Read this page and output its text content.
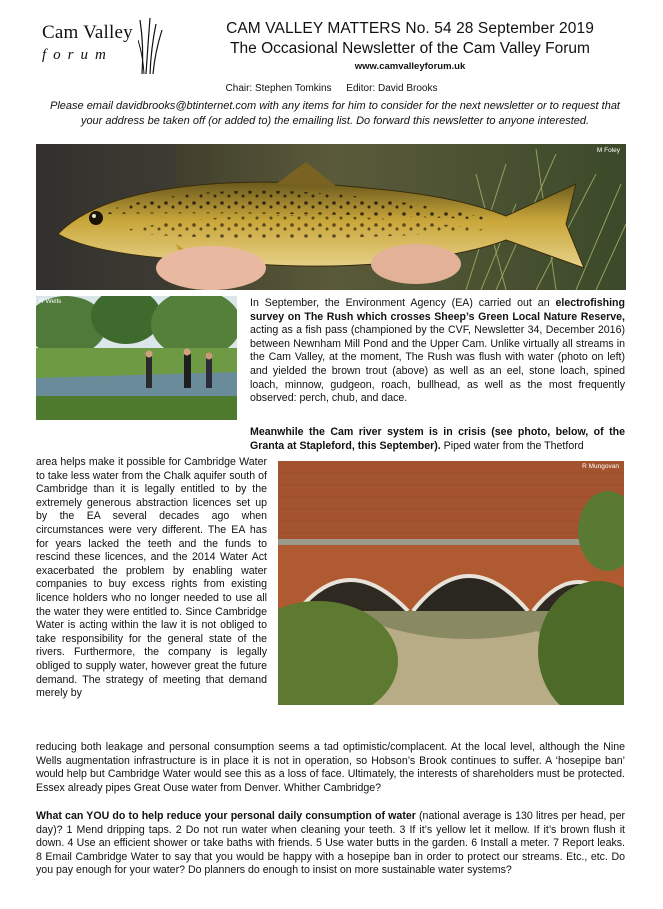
Cam Valley
forum
CAM VALLEY MATTERS No. 54 28 September 2019
The Occasional Newsletter of the Cam Valley Forum
www.camvalleyforum.uk
Chair: Stephen Tomkins Editor: David Brooks
Please email davidbrooks@btinternet.com with any items for him to consider for the next newsletter or to request that your address be taken off (or added to) the emailing list. Do forward this newsletter to anyone interested.
M Foley
R Wells
R Mungovan
In September, the Environment Agency (EA) carried out an electrofishing survey on The Rush which crosses Sheep’s Green Local Nature Reserve, acting as a fish pass (championed by the CVF, Newsletter 34, December 2016) between Newnham Mill Pond and the Upper Cam. Unlike virtually all streams in the Cam Valley, at the moment, The Rush was flush with water (photo on left) and yielded the brown trout (above) as well as an eel, stone loach, spined loach, minnow, gudgeon, roach, bullhead, as well as the most frequently observed: perch, chub, and dace.
Meanwhile the Cam river system is in crisis (see photo, below, of the Granta at Stapleford, this September). Piped water from the Thetford
area helps make it possible for Cambridge Water to take less water from the Chalk aquifer south of Cambridge than it is legally entitled to by the extremely generous abstraction licences set up by the EA several decades ago when circumstances were very different. The EA has for years lacked the teeth and the funds to rescind these licences, and the 2014 Water Act exacerbated the problem by enabling water companies to buy excess rights from existing licence holders who no longer needed to use all the water they were entitled to. Since Cambridge Water is acting within the law it is not obliged to take responsibility for the general state of the rivers. Furthermore, the company is legally obliged to supply water, however great the future demand. The strategy of meeting that demand merely by
reducing both leakage and personal consumption seems a tad optimistic/complacent. At the local level, although the Nine Wells augmentation infrastructure is in place it is not in operation, so Hobson’s Brook continues to suffer. A ‘hosepipe ban’ would help but Cambridge Water would see this as a loss of face. Ultimately, the interests of shareholders must be protected. Essex already pipes Great Ouse water from Denver. Whither Cambridge?
What can YOU do to help reduce your personal daily consumption of water (national average is 130 litres per head, per day)? 1 Mend dripping taps. 2 Do not run water when cleaning your teeth. 3 If it’s yellow let it mellow. If it’s brown flush it down. 4 Use an efficient shower or take baths with friends. 5 Use water butts in the garden. 6 Install a meter. 7 Report leaks. 8 Email Cambridge Water to say that you would be happy with a hosepipe ban in order to protect our streams. Etc., etc. Do you pay enough for your water? Do planners do enough to insist on more sustainable water systems?
